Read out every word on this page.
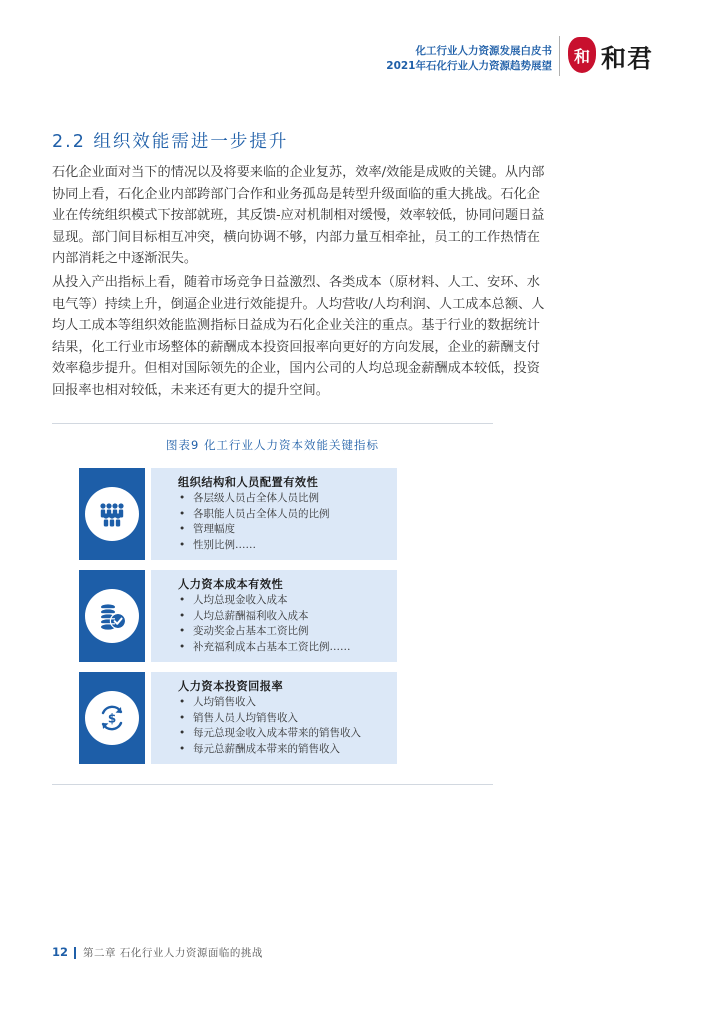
化工行业人力资源发展白皮书
2021年石化行业人力资源趋势展望
和 和君
2.2 组织效能需进一步提升
石化企业面对当下的情况以及将要来临的企业复苏，效率/效能是成败的关键。从内部
协同上看，石化企业内部跨部门合作和业务孤岛是转型升级面临的重大挑战。石化企
业在传统组织模式下按部就班，其反馈-应对机制相对缓慢，效率较低，协同问题日益
显现。部门间目标相互冲突，横向协调不够，内部力量互相牵扯，员工的工作热情在
内部消耗之中逐渐泯失。
从投入产出指标上看，随着市场竞争日益激烈、各类成本（原材料、人工、安环、水
电气等）持续上升，倒逼企业进行效能提升。人均营收/人均利润、人工成本总额、人
均人工成本等组织效能监测指标日益成为石化企业关注的重点。基于行业的数据统计
结果，化工行业市场整体的薪酬成本投资回报率向更好的方向发展，企业的薪酬支付
效率稳步提升。但相对国际领先的企业，国内公司的人均总现金薪酬成本较低，投资
回报率也相对较低，未来还有更大的提升空间。
图表9 化工行业人力资本效能关键指标
组织结构和人员配置有效性
• 各层级人员占全体人员比例
• 各职能人员占全体人员的比例
• 管理幅度
• 性别比例……
人力资本成本有效性
• 人均总现金收入成本
• 人均总薪酬福利收入成本
• 变动奖金占基本工资比例
• 补充福利成本占基本工资比例……
$
人力资本投资回报率
• 人均销售收入
• 销售人员人均销售收入
• 每元总现金收入成本带来的销售收入
• 每元总薪酬成本带来的销售收入
12 第二章 石化行业人力资源面临的挑战
